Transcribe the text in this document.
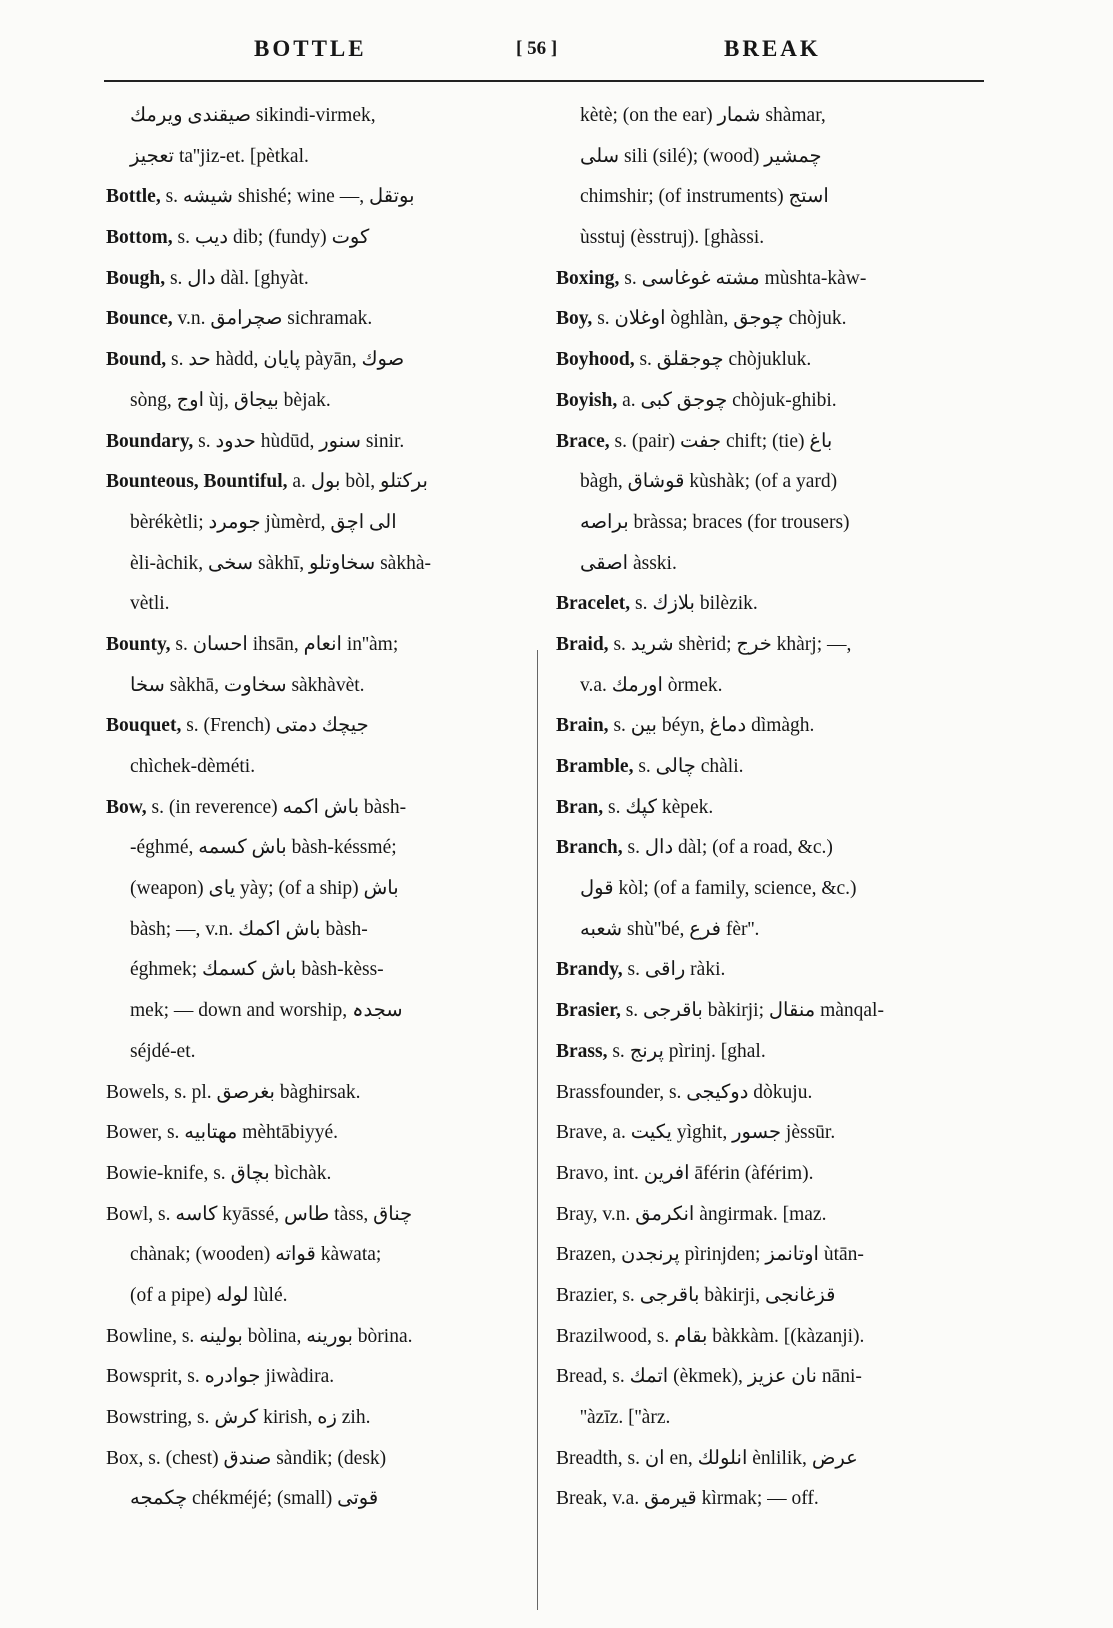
BOTTLE	[ 56 ]	BREAK
صيقندى ويرمك sikindi-virmek,
تعجيز ta''jiz-et. [pètkal.
Bottle, s. شيشه shishé; wine —, بوتقل
Bottom, s. ديب dib; (fundy) كوت
Bough, s. دال dàl. [ghyàt.
Bounce, v.n. صچرامق sichramak.
Bound, s. حد hàdd, پايان pàyān, صوك
sòng, اوج ùj, بيجاق bèjak.
Boundary, s. حدود hùdūd, سنور sinir.
Bounteous, Bountiful, a. بول bòl, بركتلو
bèrékètli; جومرد jùmèrd, الى اچق
èli-àchik, سخى sàkhī, سخاوتلو sàkhà-
vètli.
Bounty, s. احسان ihsān, انعام in''àm;
سخا sàkhā, سخاوت sàkhàvèt.
Bouquet, s. (French) جيچك دمتى
chìchek-dèméti.
Bow, s. (in reverence) باش اكمه bàsh-
-éghmé, باش كسمه bàsh-késsmé;
(weapon) ياى yày; (of a ship) باش
bàsh; —, v.n. باش اكمك bàsh-
éghmek; باش كسمك bàsh-kèss-
mek; — down and worship, سجدہ
séjdé-et.
Bowels, s. pl. بغرصق bàghirsak.
Bower, s. مهتابيه mèhtābiyyé.
Bowie-knife, s. بچاق bìchàk.
Bowl, s. كاسه kyāssé, طاس tàss, چناق
chànak; (wooden) قواته kàwata;
(of a pipe) لوله lùlé.
Bowline, s. بولينه bòlina, بورينه bòrina.
Bowsprit, s. جوادره jiwàdira.
Bowstring, s. كرش kirish, زه zih.
Box, s. (chest) صندق sàndik; (desk)
چكمجه chékméjé; (small) قوتى
kètè; (on the ear) شمار shàmar,
سلى sili (silé); (wood) چمشير
chimshir; (of instruments) استج
ùsstuj (èsstruj). [ghàssi.
Boxing, s. مشته غوغاسى mùshta-kàw-
Boy, s. اوغلان òghlàn, چوجق chòjuk.
Boyhood, s. چوجقلق chòjukluk.
Boyish, a. چوجق كبى chòjuk-ghibi.
Brace, s. (pair) جفت chift; (tie) باغ
bàgh, قوشاق kùshàk; (of a yard)
براصه bràssa; braces (for trousers)
اصقى àsski.
Bracelet, s. بلازك bilèzik.
Braid, s. شريد shèrid; خرج khàrj; —,
v.a. اورمك òrmek.
Brain, s. بين béyn, دماغ dìmàgh.
Bramble, s. چالى chàli.
Bran, s. كپك kèpek.
Branch, s. دال dàl; (of a road, &c.)
قول kòl; (of a family, science, &c.)
شعبه shù''bé, فرع fèr''.
Brandy, s. راقى ràki.
Brasier, s. باقرجى bàkirji; منقال mànqal-
Brass, s. پرنج pìrinj. [ghal.
Brassfounder, s. دوكيجى dòkuju.
Brave, a. يكيت yìghit, جسور jèssūr.
Bravo, int. افرين āférin (àférim).
Bray, v.n. انكرمق àngirmak. [maz.
Brazen, پرنجدن pìrinjden; اوتانمز ùtān-
Brazier, s. باقرجى bàkirji, قزغانجى
Brazilwood, s. بقام bàkkàm. [(kàzanji).
Bread, s. اتمك (èkmek), نان عزيز nāni-
''àzīz. [''àrz.
Breadth, s. ان en, انلولك ènlilik, عرض
Break, v.a. قيرمق kìrmak; — off.
